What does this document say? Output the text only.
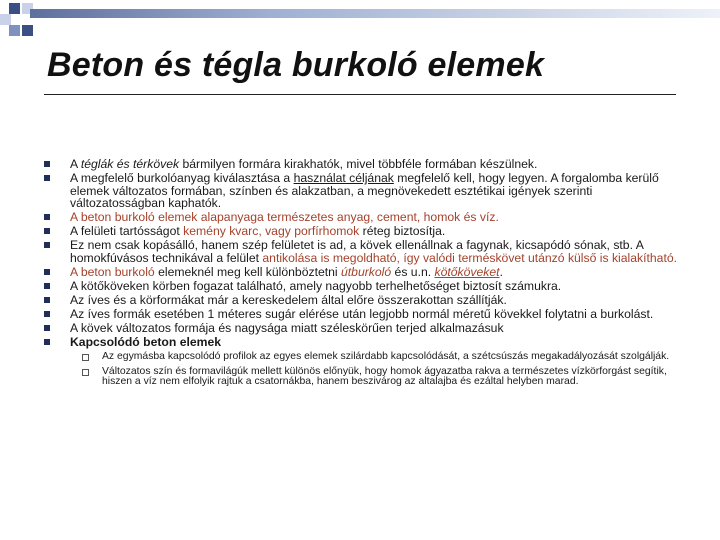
Beton és tégla burkoló elemek
A téglák és térkövek bármilyen formára kirakhatók, mivel többféle formában készülnek.
A megfelelő burkolóanyag kiválasztása a használat céljának megfelelő kell, hogy legyen. A forgalomba kerülő elemek változatos formában, színben és alakzatban, a megnövekedett esztétikai igények szerinti változatosságban kaphatók.
A beton burkoló elemek alapanyaga természetes anyag, cement, homok és víz.
A felületi tartósságot kemény kvarc, vagy porfírhomok réteg biztosítja.
Ez nem csak kopásálló, hanem szép felületet is ad, a kövek ellenállnak a fagynak, kicsapódó sónak, stb. A homokfúvásos technikával a felület antikolása is megoldható, így valódi terméskövet utánzó külső is kialakítható.
A beton burkoló elemeknél meg kell különböztetni útburkoló és u.n. kötőköveket.
A kötőköveken körben fogazat található, amely nagyobb terhelhetőséget biztosít számukra.
Az íves és a körformákat már a kereskedelem által előre összerakottan szállítják.
Az íves formák esetében 1 méteres sugár elérése után legjobb normál méretű kövekkel folytatni a burkolást.
A kövek változatos formája és nagysága miatt széleskörűen terjed alkalmazásuk
Kapcsolódó beton elemek
Az egymásba kapcsolódó profilok az egyes elemek szilárdabb kapcsolódását, a szétcsúszás megakadályozását szolgálják.
Változatos szín és formavilágúk mellett különös előnyük, hogy homok ágyazatba rakva a természetes vízkörforgást segítik, hiszen a víz nem elfolyik rajtuk a csatornákba, hanem beszivárog az altalajba és ezáltal helyben marad.
